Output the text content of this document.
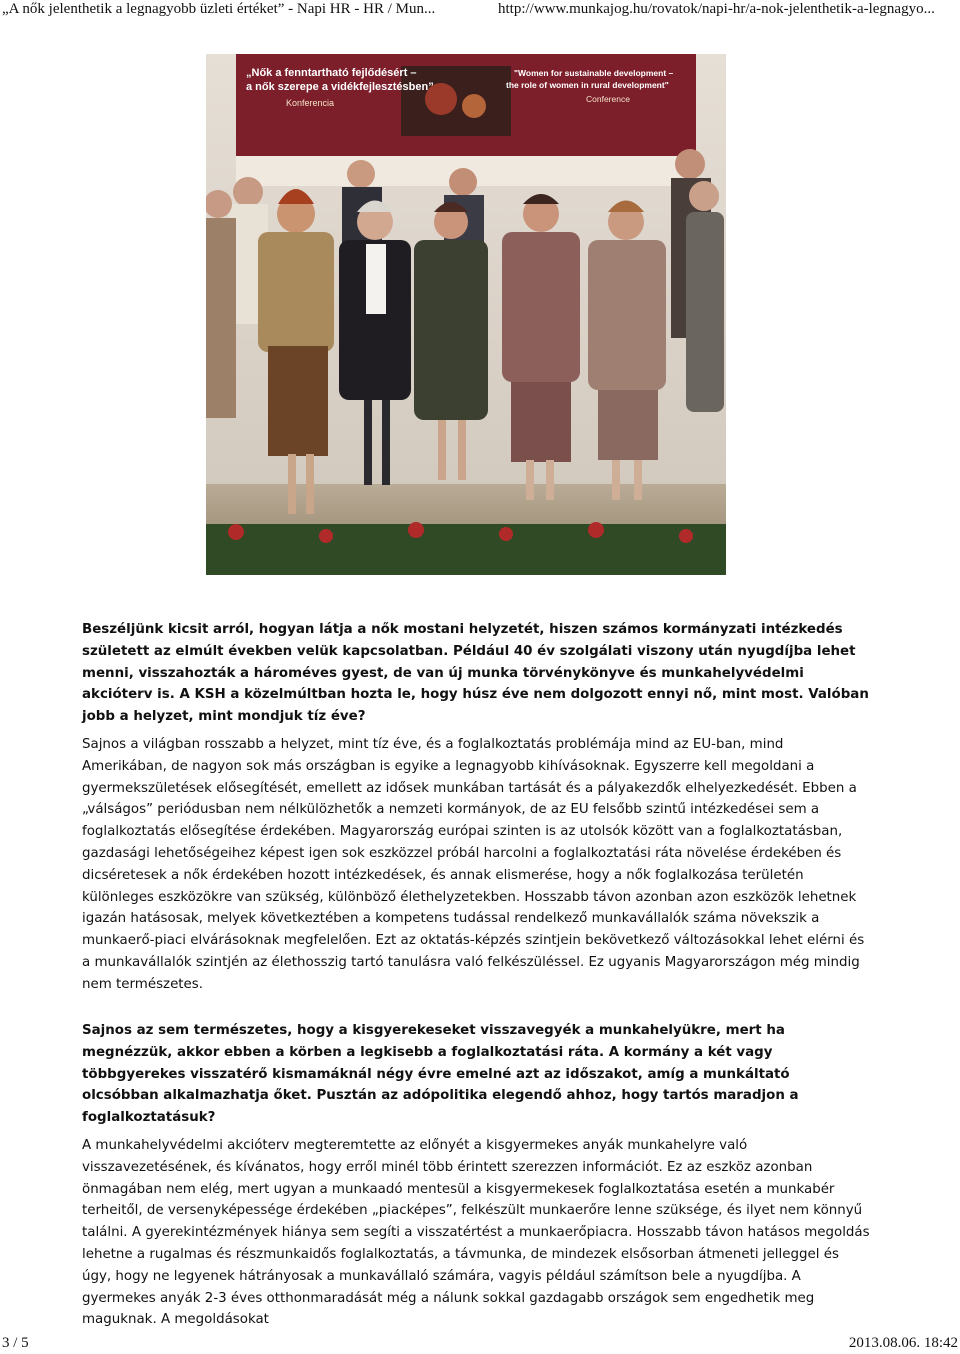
„A nők jelenthetik a legnagyobb üzleti értéket” - Napi HR - HR / Mun...	http://www.munkajog.hu/rovatok/napi-hr/a-nok-jelenthetik-a-legnagyo...
„Nők a fenntartható fejlődésért –
a nők szerepe a vidékfejlesztésben”
Konferencia
"Women for sustainable development –
the role of women in rural development"
Conference

Beszéljünk kicsit arról, hogyan látja a nők mostani helyzetét, hiszen számos kormányzati intézkedés született az elmúlt években velük kapcsolatban. Például 40 év szolgálati viszony után nyugdíjba lehet menni, visszahozták a hároméves gyest, de van új munka törvénykönyve és munkahelyvédelmi akcióterv is. A KSH a közelmúltban hozta le, hogy húsz éve nem dolgozott ennyi nő, mint most. Valóban jobb a helyzet, mint mondjuk tíz éve?

Sajnos a világban rosszabb a helyzet, mint tíz éve, és a foglalkoztatás problémája mind az EU-ban, mind Amerikában, de nagyon sok más országban is egyike a legnagyobb kihívásoknak. Egyszerre kell megoldani a gyermekszületések elősegítését, emellett az idősek munkában tartását és a pályakezdők elhelyezkedését. Ebben a „válságos” periódusban nem nélkülözhetők a nemzeti kormányok, de az EU felsőbb szintű intézkedései sem a foglalkoztatás elősegítése érdekében. Magyarország európai szinten is az utolsók között van a foglalkoztatásban, gazdasági lehetőségeihez képest igen sok eszközzel próbál harcolni a foglalkoztatási ráta növelése érdekében és dicséretesek a nők érdekében hozott intézkedések, és annak elismerése, hogy a nők foglalkozása területén különleges eszközökre van szükség, különböző élethelyzetekben. Hosszabb távon azonban azon eszközök lehetnek igazán hatásosak, melyek következtében a kompetens tudással rendelkező munkavállalók száma növekszik a munkaerő-piaci elvárásoknak megfelelően. Ezt az oktatás-képzés szintjein bekövetkező változásokkal lehet elérni és a munkavállalók szintjén az élethosszig tartó tanulásra való felkészüléssel. Ez ugyanis Magyarországon még mindig nem természetes.

Sajnos az sem természetes, hogy a kisgyerekeseket visszavegyék a munkahelyükre, mert ha megnézzük, akkor ebben a körben a legkisebb a foglalkoztatási ráta. A kormány a két vagy többgyerekes visszatérő kismamáknál négy évre emelné azt az időszakot, amíg a munkáltató olcsóbban alkalmazhatja őket. Pusztán az adópolitika elegendő ahhoz, hogy tartós maradjon a foglalkoztatásuk?

A munkahelyvédelmi akcióterv megteremtette az előnyét a kisgyermekes anyák munkahelyre való visszavezetésének, és kívánatos, hogy erről minél több érintett szerezzen információt. Ez az eszköz azonban önmagában nem elég, mert ugyan a munkaadó mentesül a kisgyermekesek foglalkoztatása esetén a munkabér terheitől, de versenyképessége érdekében „piacképes”, felkészült munkaerőre lenne szüksége, és ilyet nem könnyű találni. A gyerekintézmények hiánya sem segíti a visszatértést a munkaerőpiacra. Hosszabb távon hatásos megoldás lehetne a rugalmas és részmunkaidős foglalkoztatás, a távmunka, de mindezek elsősorban átmeneti jelleggel és úgy, hogy ne legyenek hátrányosak a munkavállaló számára, vagyis például számítson bele a nyugdíjba. A gyermekes anyák 2-3 éves otthonmaradását még a nálunk sokkal gazdagabb országok sem engedhetik meg maguknak. A megoldásokat

3 / 5	2013.08.06. 18:42
